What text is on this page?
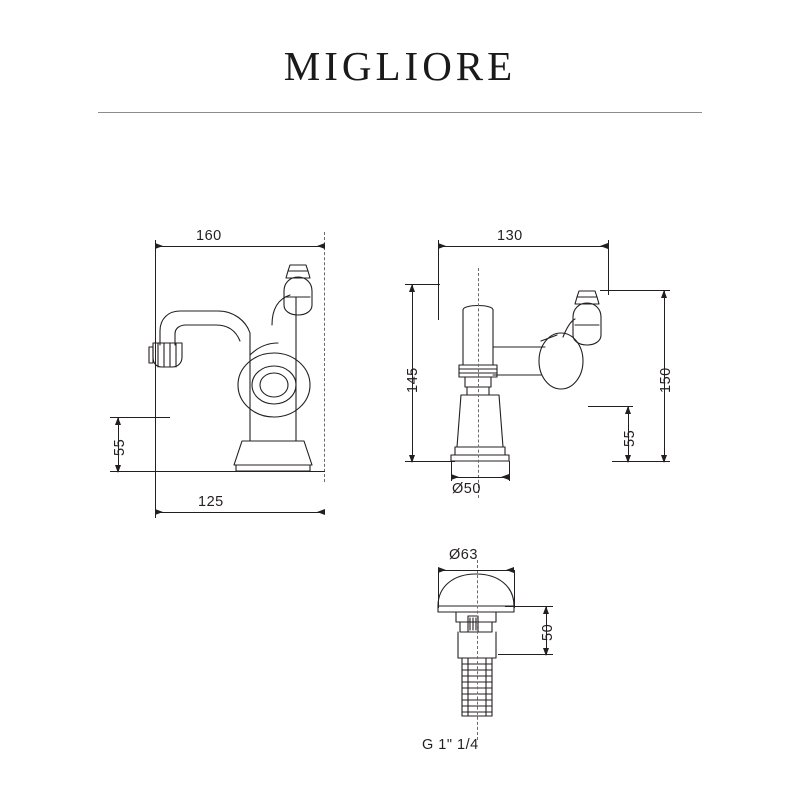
MIGLIORE
160
55
125
130
145	150
55
Ø50
Ø63
50
G 1" 1/4
